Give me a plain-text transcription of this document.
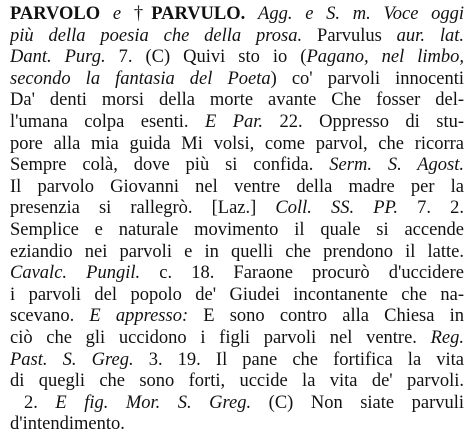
PARVOLO e †PARVULO. Agg. e S. m. Voce oggi
più della poesia che della prosa. Parvulus aur. lat.
Dant. Purg. 7. (C) Quivi sto io (Pagano, nel limbo,
secondo la fantasia del Poeta) co' parvoli innocenti
Da' denti morsi della morte avante Che fosser del-
l'umana colpa esenti. E Par. 22. Oppresso di stu-
pore alla mia guida Mi volsi, come parvol, che ricorra
Sempre colà, dove più si confida. Serm. S. Agost.
Il parvolo Giovanni nel ventre della madre per la
presenzia si rallegrò. [Laz.] Coll. SS. PP. 7. 2.
Semplice e naturale movimento il quale si accende
eziandio nei parvoli e in quelli che prendono il latte.
Cavalc. Pungil. c. 18. Faraone procurò d'uccidere
i parvoli del popolo de' Giudei incontanente che na-
scevano. E appresso: E sono contro alla Chiesa in
ciò che gli uccidono i figli parvoli nel ventre. Reg.
Past. S. Greg. 3. 19. Il pane che fortifica la vita
di quegli che sono forti, uccide la vita de' parvoli.
2. E fig. Mor. S. Greg. (C) Non siate parvuli
d'intendimento.
